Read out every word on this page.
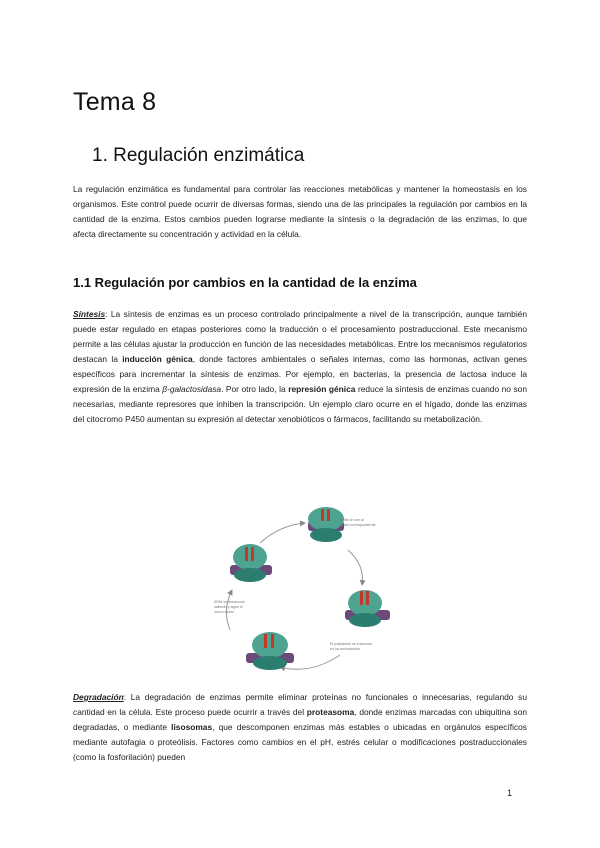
Tema 8
1. Regulación enzimática

La regulación enzimática es fundamental para controlar las reacciones metabólicas y mantener la homeostasis en los organismos. Este control puede ocurrir de diversas formas, siendo una de las principales la regulación por cambios en la cantidad de la enzima. Estos cambios pueden lograrse mediante la síntesis o la degradación de las enzimas, lo que afecta directamente su concentración y actividad en la célula.

1.1 Regulación por cambios en la cantidad de la enzima

Síntesis: La síntesis de enzimas es un proceso controlado principalmente a nivel de la transcripción, aunque también puede estar regulado en etapas posteriores como la traducción o el procesamiento postraduccional. Este mecanismo permite a las células ajustar la producción en función de las necesidades metabólicas. Entre los mecanismos regulatorios destacan la inducción génica, donde factores ambientales o señales internas, como las hormonas, activan genes específicos para incrementar la síntesis de enzimas. Por ejemplo, en bacterias, la presencia de lactosa induce la expresión de la enzima β-galactosidasa. Por otro lado, la represión génica reduce la síntesis de enzimas cuando no son necesarias, mediante represores que inhiben la transcripción. Un ejemplo claro ocurre en el hígado, donde las enzimas del citocromo P450 aumentan su expresión al detectar xenobióticos o fármacos, facilitando su metabolización.

ARNt se une al
codón correspondiente
ARNt se desvincula
saliendo y sigue el
nuevo codón
El polipéptido se encuentra
en los aminoácidos

Degradación: La degradación de enzimas permite eliminar proteínas no funcionales o innecesarias, regulando su cantidad en la célula. Este proceso puede ocurrir a través del proteasoma, donde enzimas marcadas con ubiquitina son degradadas, o mediante lisosomas, que descomponen enzimas más estables o ubicadas en orgánulos específicos mediante autofagia o proteólisis. Factores como cambios en el pH, estrés celular o modificaciones postraduccionales (como la fosforilación) pueden

1
